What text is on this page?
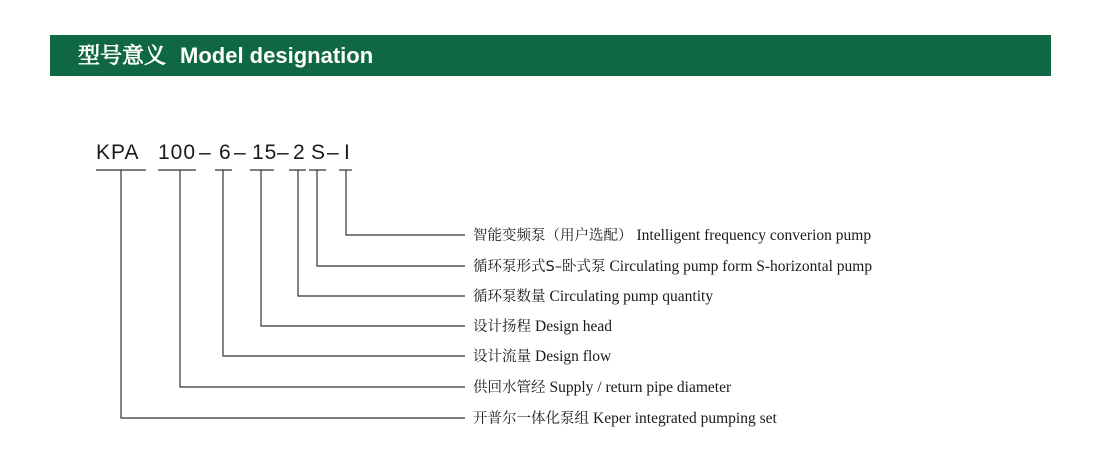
型号意义 Model designation
KPA 100 – 6 – 15 – 2 S – I
智能变频泵（用户选配） Intelligent frequency converion pump
循环泵形式S–卧式泵 Circulating pump form S-horizontal pump
循环泵数量 Circulating pump quantity
设计扬程 Design head
设计流量 Design flow
供回水管经 Supply / return pipe diameter
开普尔一体化泵组 Keper integrated pumping set
